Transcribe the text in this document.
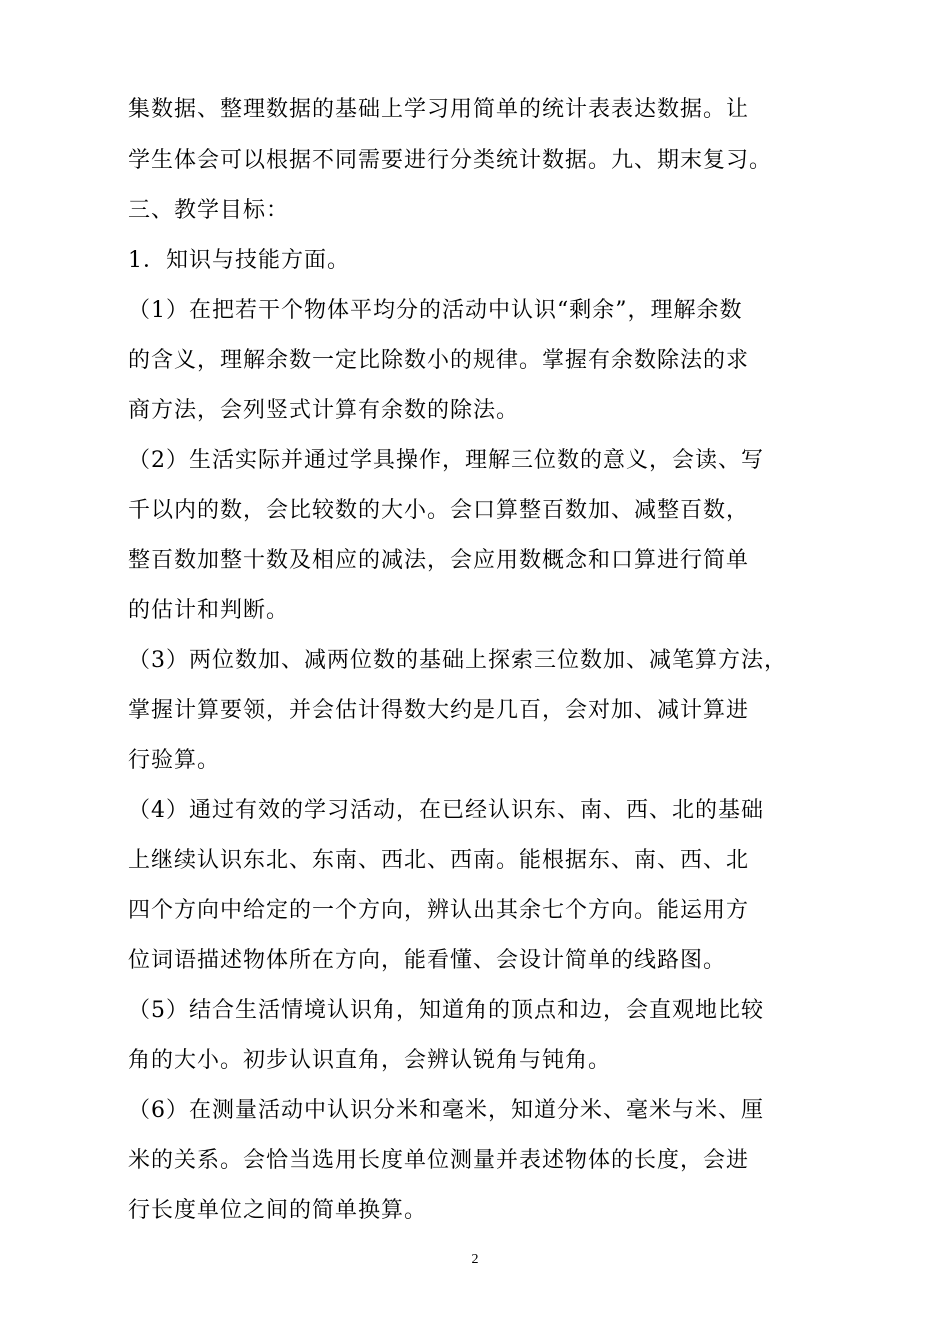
集数据、整理数据的基础上学习用简单的统计表表达数据。让
学生体会可以根据不同需要进行分类统计数据。九、期末复习。
三、教学目标：
1．知识与技能方面。
（1）在把若干个物体平均分的活动中认识“剩余”，理解余数
的含义，理解余数一定比除数小的规律。掌握有余数除法的求
商方法，会列竖式计算有余数的除法。
（2）生活实际并通过学具操作，理解三位数的意义，会读、写
千以内的数，会比较数的大小。会口算整百数加、减整百数，
整百数加整十数及相应的减法，会应用数概念和口算进行简单
的估计和判断。
（3）两位数加、减两位数的基础上探索三位数加、减笔算方法，
掌握计算要领，并会估计得数大约是几百，会对加、减计算进
行验算。
（4）通过有效的学习活动，在已经认识东、南、西、北的基础
上继续认识东北、东南、西北、西南。能根据东、南、西、北
四个方向中给定的一个方向，辨认出其余七个方向。能运用方
位词语描述物体所在方向，能看懂、会设计简单的线路图。
（5）结合生活情境认识角，知道角的顶点和边，会直观地比较
角的大小。初步认识直角，会辨认锐角与钝角。
（6）在测量活动中认识分米和毫米，知道分米、毫米与米、厘
米的关系。会恰当选用长度单位测量并表述物体的长度，会进
行长度单位之间的简单换算。
2
